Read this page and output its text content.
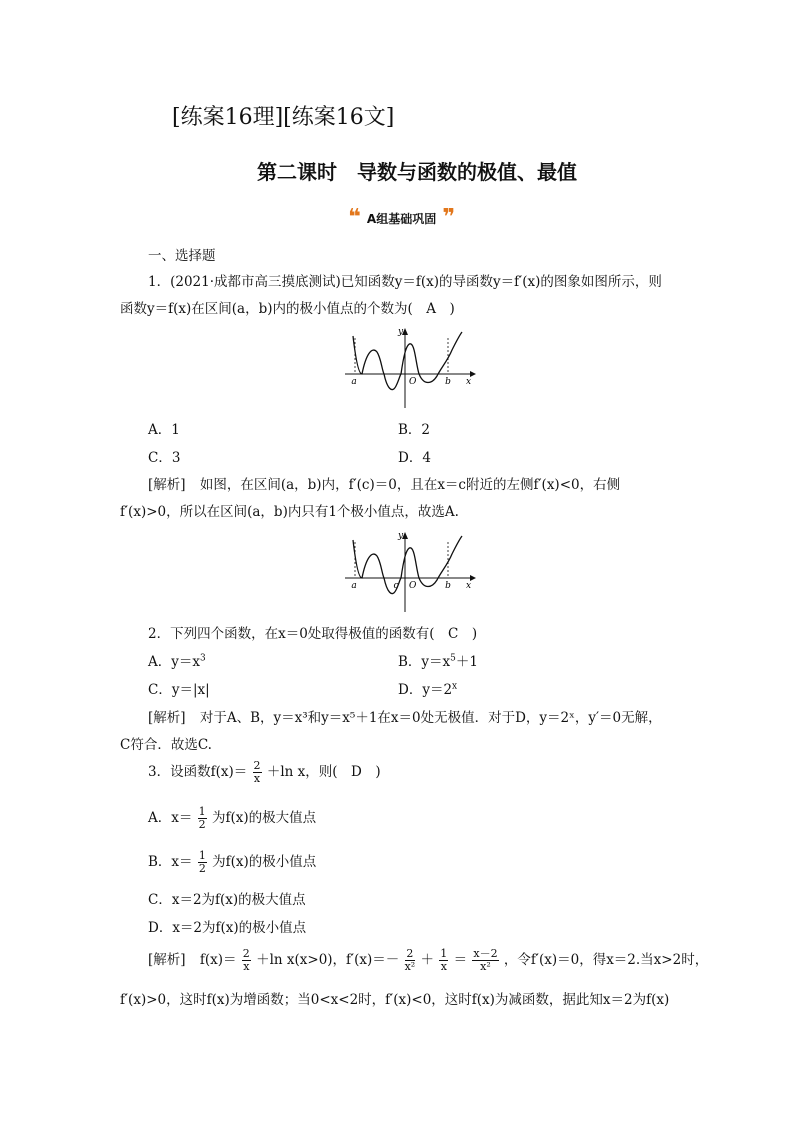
[练案16理][练案16文]
第二课时　导数与函数的极值、最值
❝ A组基础巩固 ❞
一、选择题
1．(2021·成都市高三摸底测试)已知函数y＝f(x)的导函数y＝f′(x)的图象如图所示，则
函数y＝f(x)在区间(a，b)内的极小值点的个数为(　A　)
a	O	b x
y
A．1	B．2
C．3	D．4
[解析] 如图，在区间(a，b)内，f′(c)＝0，且在x＝c附近的左侧f′(x)<0，右侧
f′(x)>0，所以在区间(a，b)内只有1个极小值点，故选A.
a	c O	b x
y
2．下列四个函数，在x＝0处取得极值的函数有(　C　)
A．$y=x^3$	B．$y=x^5+1$
C．y＝|x|	D．$y=2^x$
[解析] 对于A、B，y＝x³和y＝x⁵＋1在x＝0处无极值．对于D，y＝2ˣ，y′＝0无解，
C符合．故选C.
3．设函数$f(x)= \frac{2}{x} +\ln$ x，则(　D　)
A．$x= \frac{1}{2}$ 为f(x)的极大值点
B．$x= \frac{1}{2}$ 为f(x)的极小值点
C．x＝2为f(x)的极大值点
D．x＝2为f(x)的极小值点
[解析] $f(x)= \frac{2}{x} +\ln$ x(x>0)，$f'(x)=- \frac{2}{\text{x²}} + \frac{1}{x} = \frac{x-2}{\text{x²}}$ ，令f′(x)＝0，得x＝2.当x>2时，
f′(x)>0，这时f(x)为增函数；当0<x<2时，f′(x)<0，这时f(x)为减函数，据此知x＝2为f(x)
